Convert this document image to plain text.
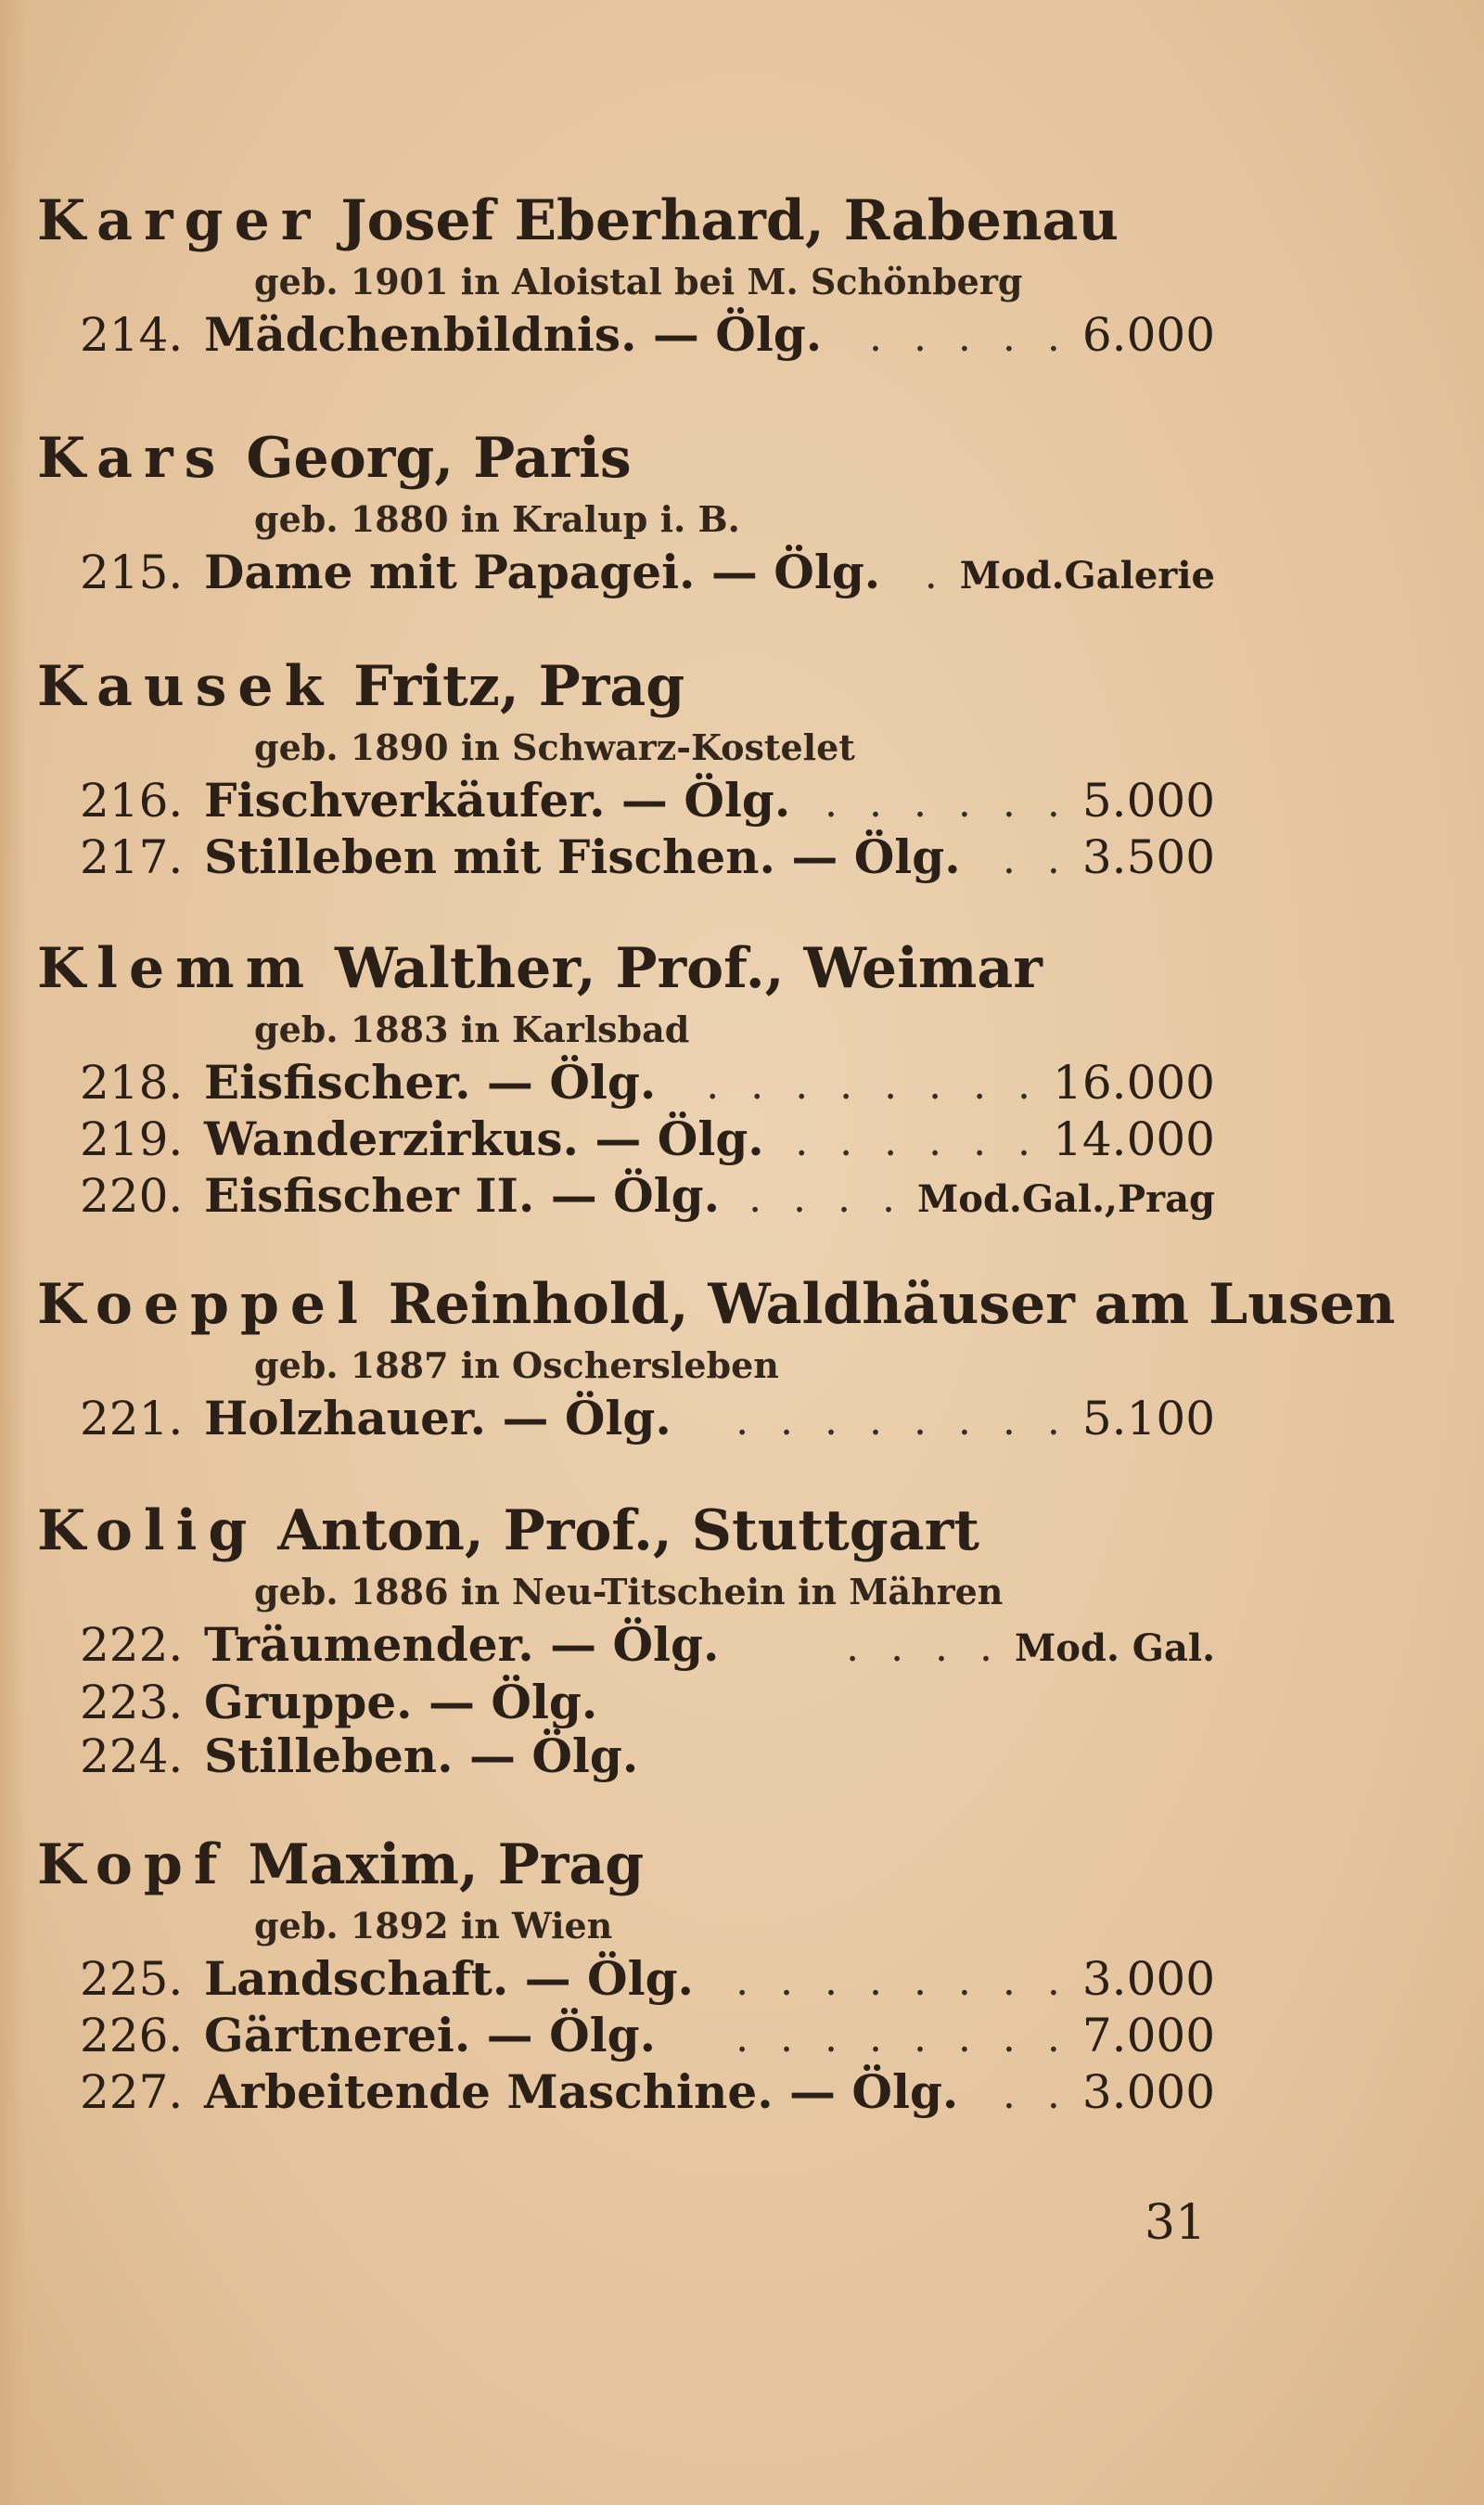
Karger Josef Eberhard, Rabenau
geb. 1901 in Aloistal bei M. Schönberg
214. Mädchenbildnis. — Ölg.	. . . . . 6.000
Kars Georg, Paris
geb. 1880 in Kralup i. B.
215. Dame mit Papagei. — Ölg.	. Mod.Galerie
Kausek Fritz, Prag
geb. 1890 in Schwarz-Kostelet
216. Fischverkäufer. — Ölg. . . . . . . 5.000
217. Stilleben mit Fischen. — Ölg.	. . 3.500
Klemm Walther, Prof., Weimar
geb. 1883 in Karlsbad
218. Eisfischer. — Ölg.	. . . . . . . . 16.000
219. Wanderzirkus. — Ölg. . . . . . . 14.000
220. Eisfischer II. — Ölg. . . . . Mod.Gal.,Prag
Koeppel Reinhold, Waldhäuser am Lusen
geb. 1887 in Oschersleben
221. Holzhauer. — Ölg.	. . . . . . . . 5.100
Kolig Anton, Prof., Stuttgart
geb. 1886 in Neu-Titschein in Mähren
222. Träumender. — Ölg.	. . . . Mod. Gal.
223. Gruppe. — Ölg.
224. Stilleben. — Ölg.
Kopf Maxim, Prag
geb. 1892 in Wien
225. Landschaft. — Ölg.	. . . . . . . . 3.000
226. Gärtnerei. — Ölg.	. . . . . . . . 7.000
227. Arbeitende Maschine. — Ölg.	. . 3.000
31
